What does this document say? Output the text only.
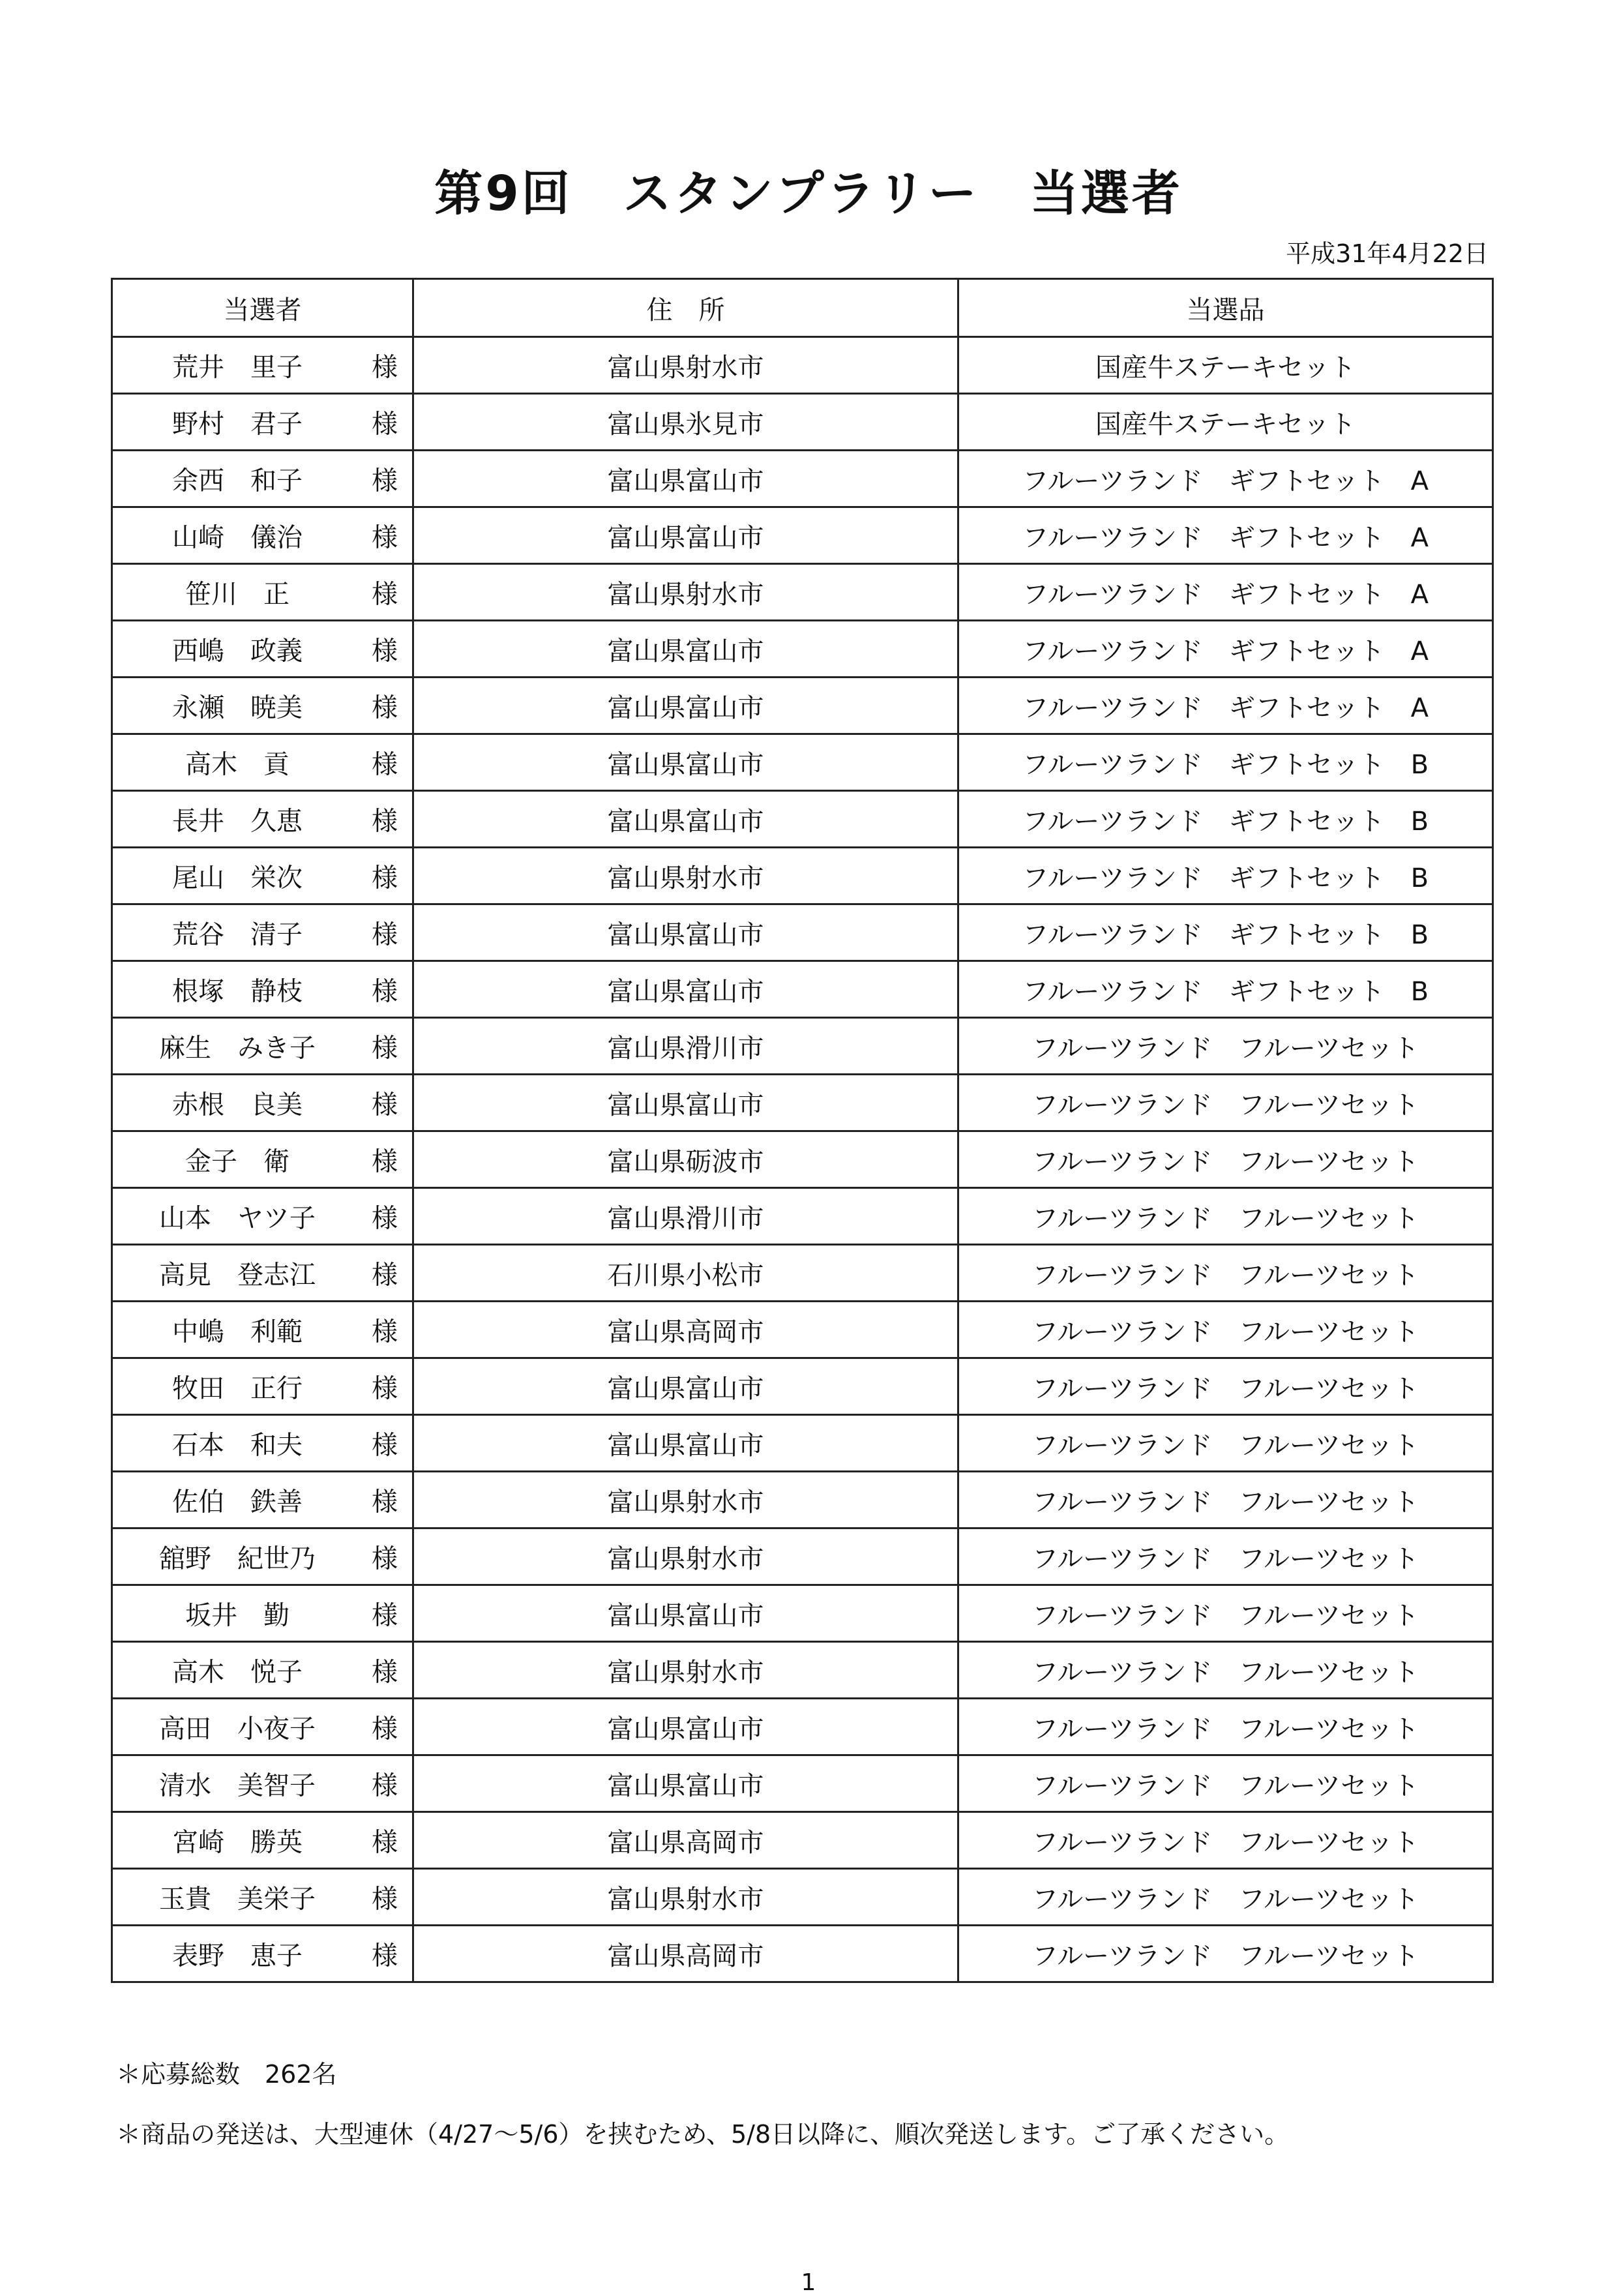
第9回　スタンプラリー　当選者
平成31年4月22日
当選者	住　所	当選品

荒井　里子 様	富山県射水市	国産牛ステーキセット

野村　君子 様	富山県氷見市	国産牛ステーキセット

余西　和子 様	富山県富山市	フルーツランド　ギフトセット　A

山崎　儀治 様	富山県富山市	フルーツランド　ギフトセット　A

笹川　正 様	富山県射水市	フルーツランド　ギフトセット　A

西嶋　政義 様	富山県富山市	フルーツランド　ギフトセット　A

永瀬　暁美 様	富山県富山市	フルーツランド　ギフトセット　A

高木　貢 様	富山県富山市	フルーツランド　ギフトセット　B

長井　久恵 様	富山県富山市	フルーツランド　ギフトセット　B

尾山　栄次 様	富山県射水市	フルーツランド　ギフトセット　B

荒谷　清子 様	富山県富山市	フルーツランド　ギフトセット　B

根塚　静枝 様	富山県富山市	フルーツランド　ギフトセット　B

麻生　みき子 様	富山県滑川市	フルーツランド　フルーツセット

赤根　良美 様	富山県富山市	フルーツランド　フルーツセット

金子　衛 様	富山県砺波市	フルーツランド　フルーツセット

山本　ヤツ子 様	富山県滑川市	フルーツランド　フルーツセット

高見　登志江 様	石川県小松市	フルーツランド　フルーツセット

中嶋　利範 様	富山県高岡市	フルーツランド　フルーツセット

牧田　正行 様	富山県富山市	フルーツランド　フルーツセット

石本　和夫 様	富山県富山市	フルーツランド　フルーツセット

佐伯　鉄善 様	富山県射水市	フルーツランド　フルーツセット

舘野　紀世乃 様	富山県射水市	フルーツランド　フルーツセット

坂井　勤 様	富山県富山市	フルーツランド　フルーツセット

高木　悦子 様	富山県射水市	フルーツランド　フルーツセット

高田　小夜子 様	富山県富山市	フルーツランド　フルーツセット

清水　美智子 様	富山県富山市	フルーツランド　フルーツセット

宮崎　勝英 様	富山県高岡市	フルーツランド　フルーツセット

玉貴　美栄子 様	富山県射水市	フルーツランド　フルーツセット

表野　恵子 様	富山県高岡市	フルーツランド　フルーツセット
＊応募総数　262名
＊商品の発送は、大型連休（4/27～5/6）を挟むため、5/8日以降に、順次発送します。ご了承ください。
1
